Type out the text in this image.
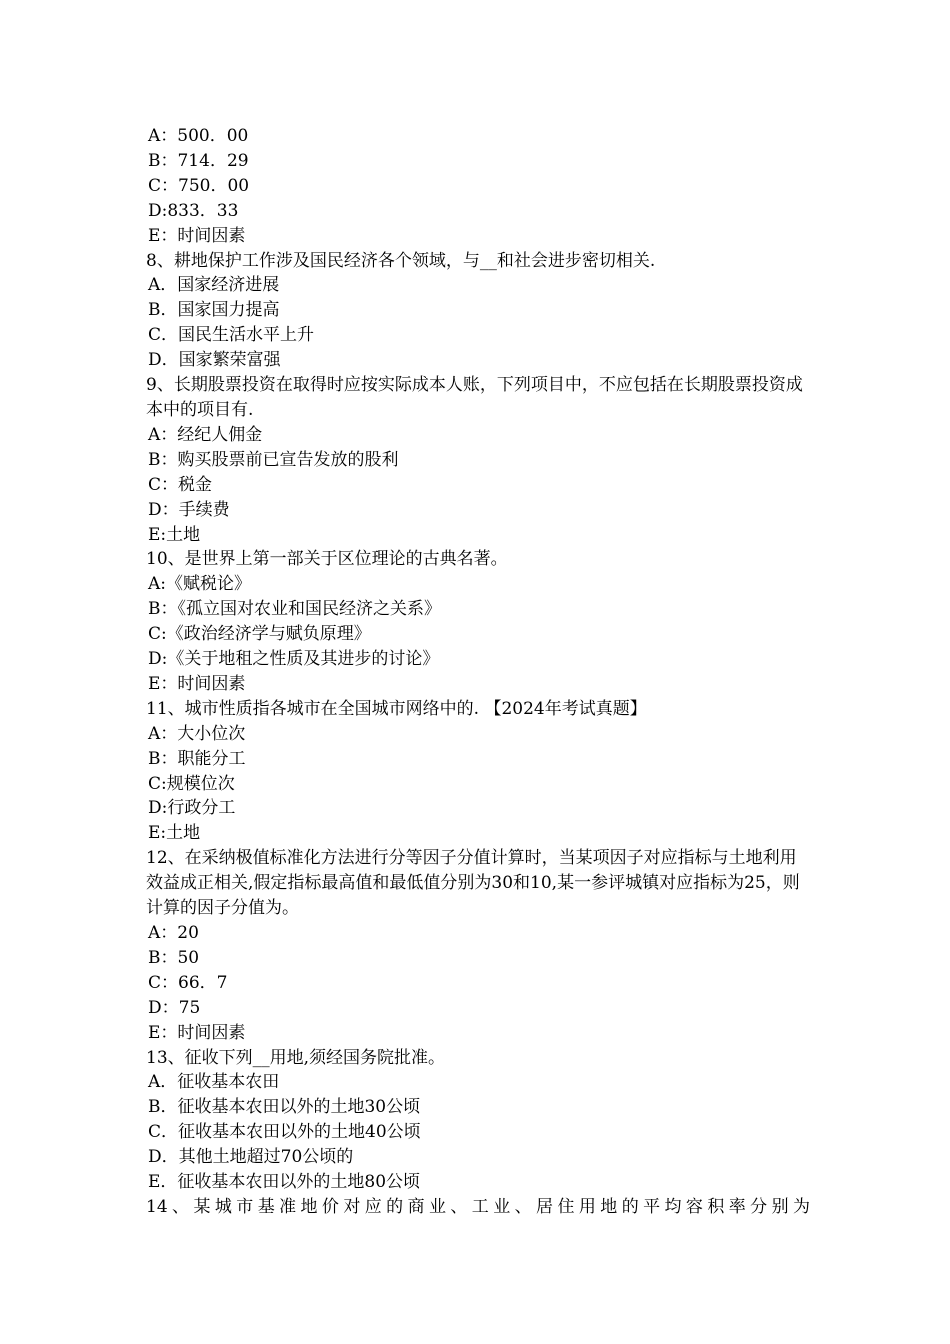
A：500．00
B：714．29
C：750．00
D:833．33
E：时间因素
8、耕地保护工作涉及国民经济各个领域，与__和社会进步密切相关.
A．国家经济进展
B．国家国力提高
C．国民生活水平上升
D．国家繁荣富强
9、长期股票投资在取得时应按实际成本人账，下列项目中，不应包括在长期股票投资成本中的项目有.
A：经纪人佣金
B：购买股票前已宣告发放的股利
C：税金
D：手续费
E:土地
10、是世界上第一部关于区位理论的古典名著。
A:《赋税论》
B：《孤立国对农业和国民经济之关系》
C:《政治经济学与赋负原理》
D:《关于地租之性质及其进步的讨论》
E：时间因素
11、城市性质指各城市在全国城市网络中的. 【2024年考试真题】
A：大小位次
B：职能分工
C:规模位次
D:行政分工
E:土地
12、在采纳极值标准化方法进行分等因子分值计算时，当某项因子对应指标与土地利用效益成正相关,假定指标最高值和最低值分别为30和10,某一参评城镇对应指标为25，则计算的因子分值为。
A：20
B：50
C：66．7
D：75
E：时间因素
13、征收下列__用地,须经国务院批准。
A．征收基本农田
B．征收基本农田以外的土地30公顷
C．征收基本农田以外的土地40公顷
D．其他土地超过70公顷的
E．征收基本农田以外的土地80公顷
14、某城市基准地价对应的商业、工业、居住用地的平均容积率分别为
